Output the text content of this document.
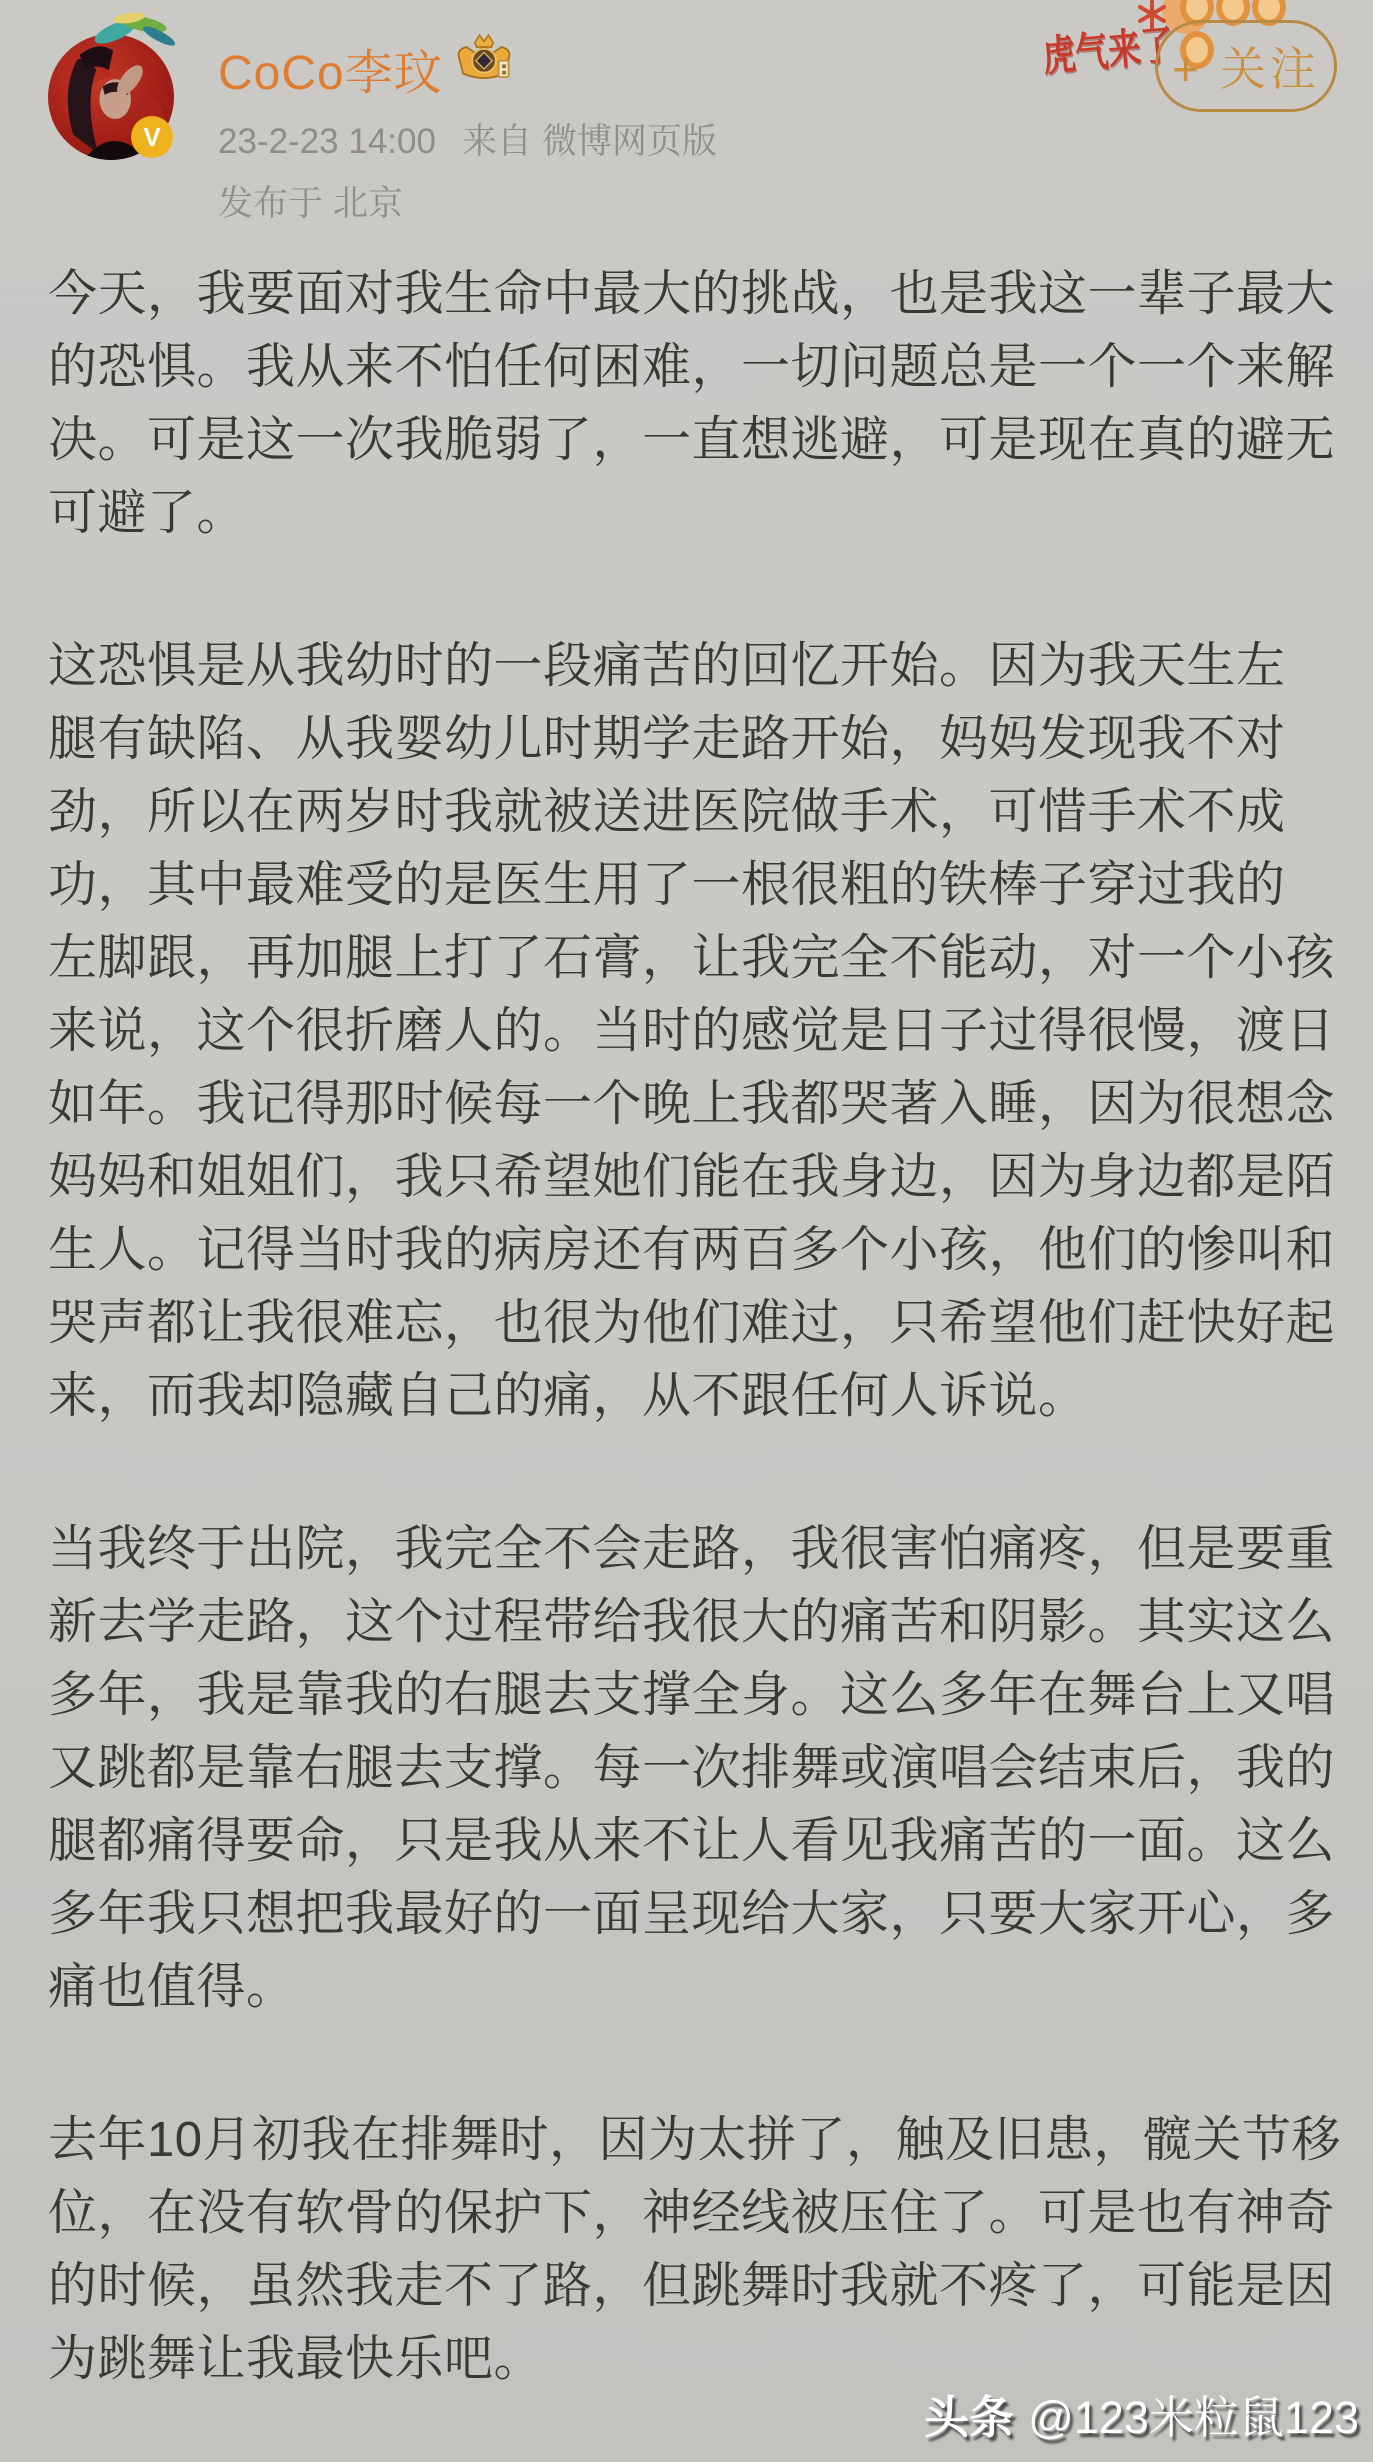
虎气来了
V
CoCo李玟
23-2-23 14:00 来自 微博网页版
发布于 北京
+ 关注
今天，我要面对我生命中最大的挑战，也是我这一辈子最大
的恐惧。我从来不怕任何困难，一切问题总是一个一个来解
决。可是这一次我脆弱了，一直想逃避，可是现在真的避无
可避了。
这恐惧是从我幼时的一段痛苦的回忆开始。因为我天生左
腿有缺陷、从我婴幼儿时期学走路开始，妈妈发现我不对
劲，所以在两岁时我就被送进医院做手术，可惜手术不成
功，其中最难受的是医生用了一根很粗的铁棒子穿过我的
左脚跟，再加腿上打了石膏，让我完全不能动，对一个小孩
来说，这个很折磨人的。当时的感觉是日子过得很慢，渡日
如年。我记得那时候每一个晚上我都哭著入睡，因为很想念
妈妈和姐姐们，我只希望她们能在我身边，因为身边都是陌
生人。记得当时我的病房还有两百多个小孩，他们的惨叫和
哭声都让我很难忘，也很为他们难过，只希望他们赶快好起
来，而我却隐藏自己的痛，从不跟任何人诉说。
当我终于出院，我完全不会走路，我很害怕痛疼，但是要重
新去学走路，这个过程带给我很大的痛苦和阴影。其实这么
多年，我是靠我的右腿去支撑全身。这么多年在舞台上又唱
又跳都是靠右腿去支撑。每一次排舞或演唱会结束后，我的
腿都痛得要命，只是我从来不让人看见我痛苦的一面。这么
多年我只想把我最好的一面呈现给大家，只要大家开心，多
痛也值得。
去年10月初我在排舞时，因为太拼了，触及旧患，髋关节移
位，在没有软骨的保护下，神经线被压住了。可是也有神奇
的时候，虽然我走不了路，但跳舞时我就不疼了，可能是因
为跳舞让我最快乐吧。
头条 @123米粒鼠123
